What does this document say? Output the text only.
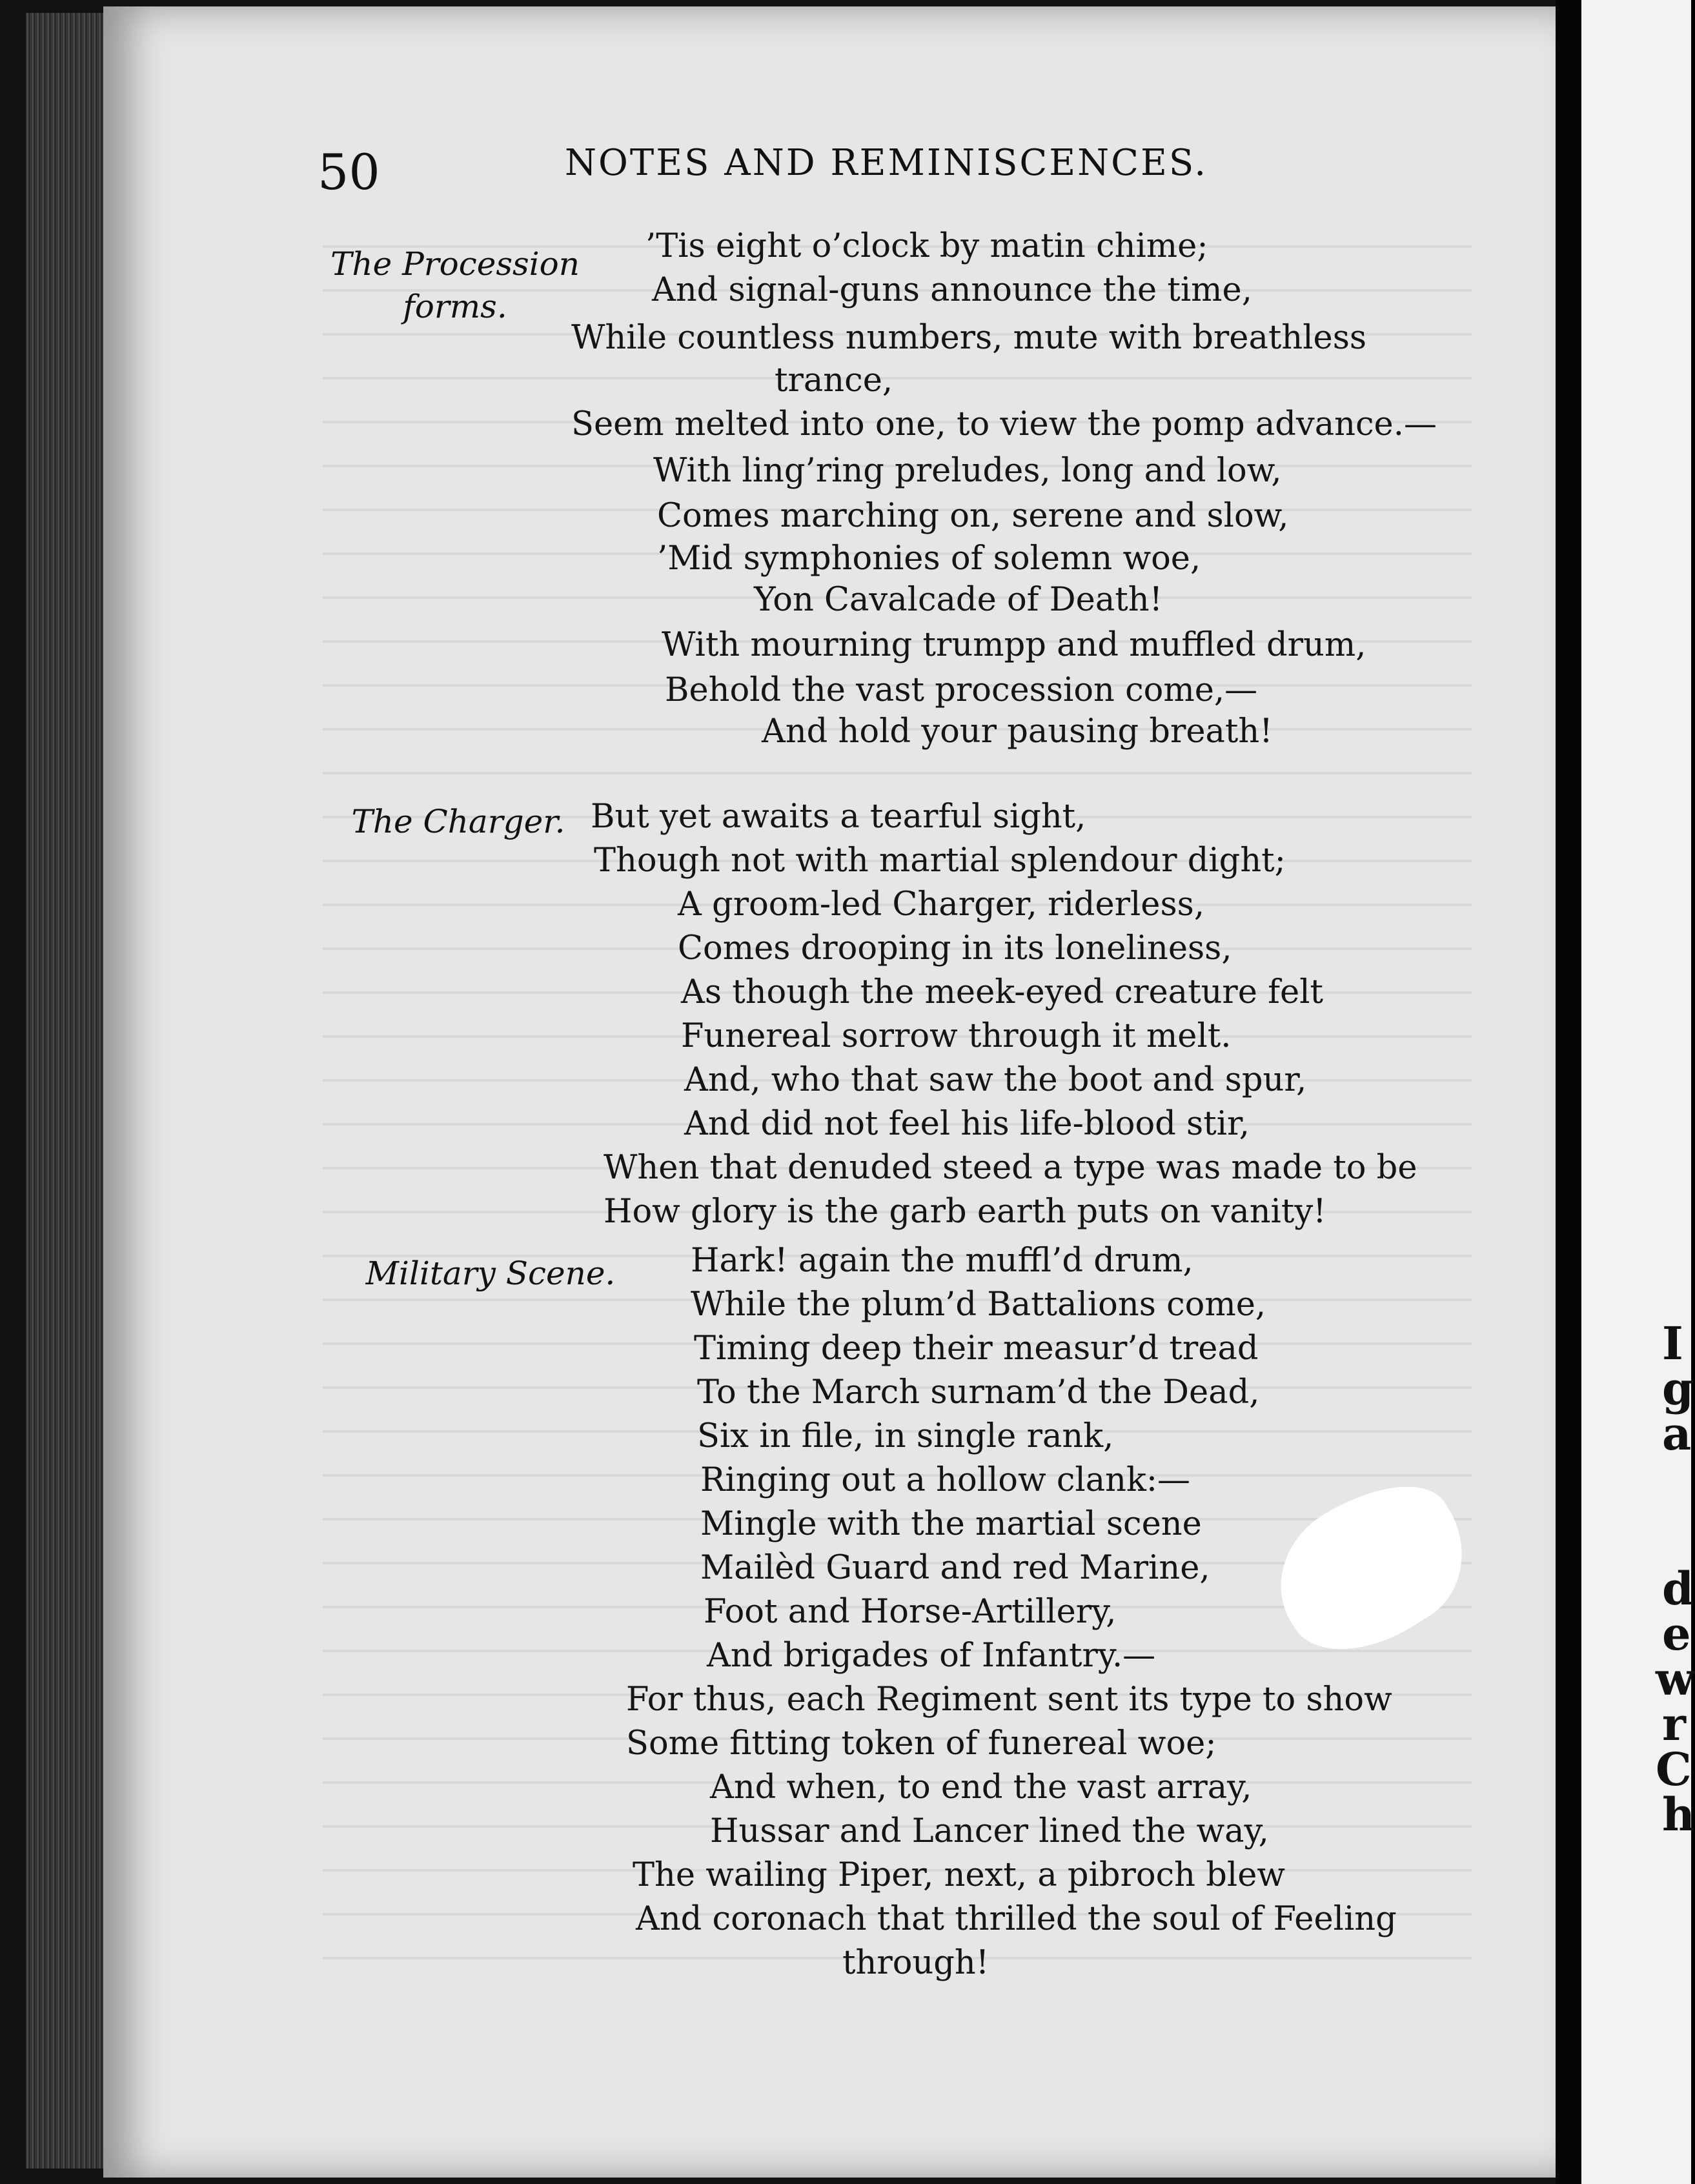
50	NOTES AND REMINISCENCES.
The Procession forms.
The Charger.
Military Scene.
’Tis eight o’clock by matin chime;
And signal-guns announce the time,
While countless numbers, mute with breathless
trance,
Seem melted into one, to view the pomp advance.—
With ling’ring preludes, long and low,
Comes marching on, serene and slow,
’Mid symphonies of solemn woe,
Yon Cavalcade of Death!
With mourning trumpp and muffled drum,
Behold the vast procession come,—
And hold your pausing breath!
But yet awaits a tearful sight,
Though not with martial splendour dight;
A groom-led Charger, riderless,
Comes drooping in its loneliness,
As though the meek-eyed creature felt
Funereal sorrow through it melt.
And, who that saw the boot and spur,
And did not feel his life-blood stir,
When that denuded steed a type was made to be
How glory is the garb earth puts on vanity!
Hark! again the muffl’d drum,
While the plum’d Battalions come,
Timing deep their measur’d tread
To the March surnam’d the Dead,
Six in file, in single rank,
Ringing out a hollow clank:—
Mingle with the martial scene
Mailèd Guard and red Marine,
Foot and Horse-Artillery,
And brigades of Infantry.—
For thus, each Regiment sent its type to show
Some fitting token of funereal woe;
And when, to end the vast array,
Hussar and Lancer lined the way,
The wailing Piper, next, a pibroch blew
And coronach that thrilled the soul of Feeling
through!
I
g
a
d
e
w
r
C
h
